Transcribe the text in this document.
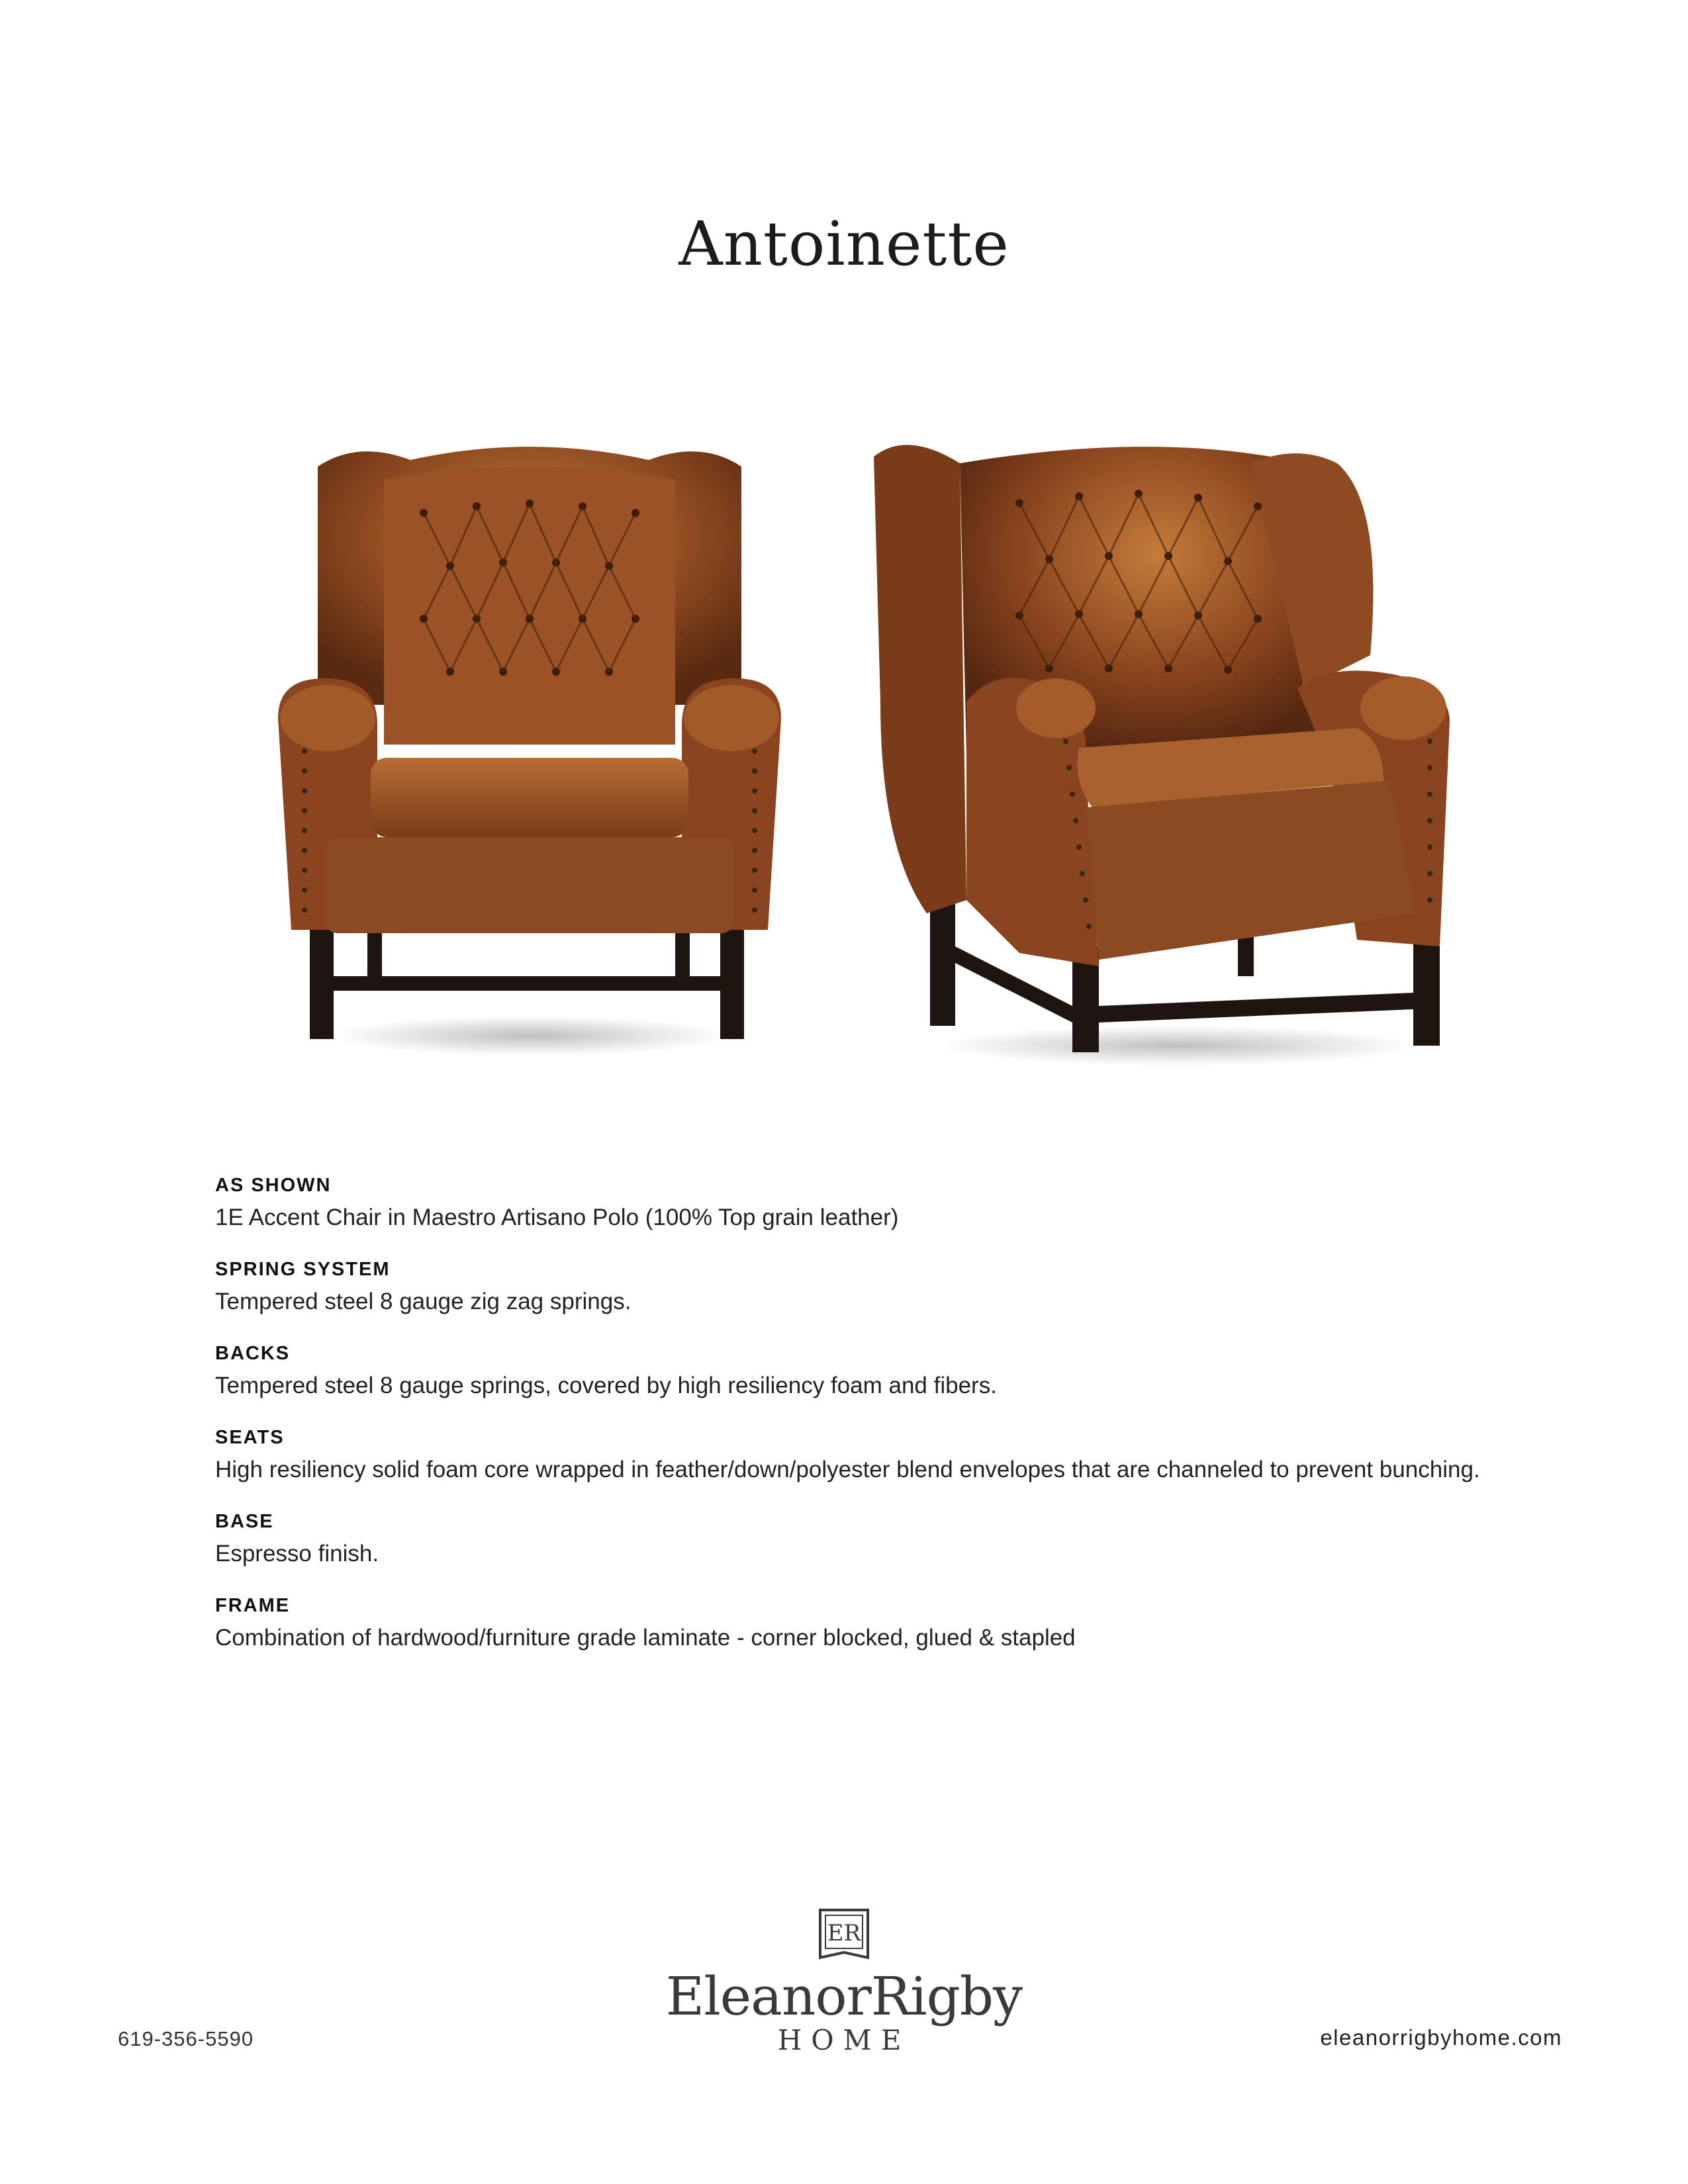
Antoinette
AS SHOWN
1E Accent Chair in Maestro Artisano Polo (100% Top grain leather)
SPRING SYSTEM
Tempered steel 8 gauge zig zag springs.
BACKS
Tempered steel 8 gauge springs, covered by high resiliency foam and fibers.
SEATS
High resiliency solid foam core wrapped in feather/down/polyester blend envelopes that are channeled to prevent bunching.
BASE
Espresso finish.
FRAME
Combination of hardwood/furniture grade laminate - corner blocked, glued & stapled
619-356-5590
ER
EleanorRigby
HOME	eleanorrigbyhome.com
